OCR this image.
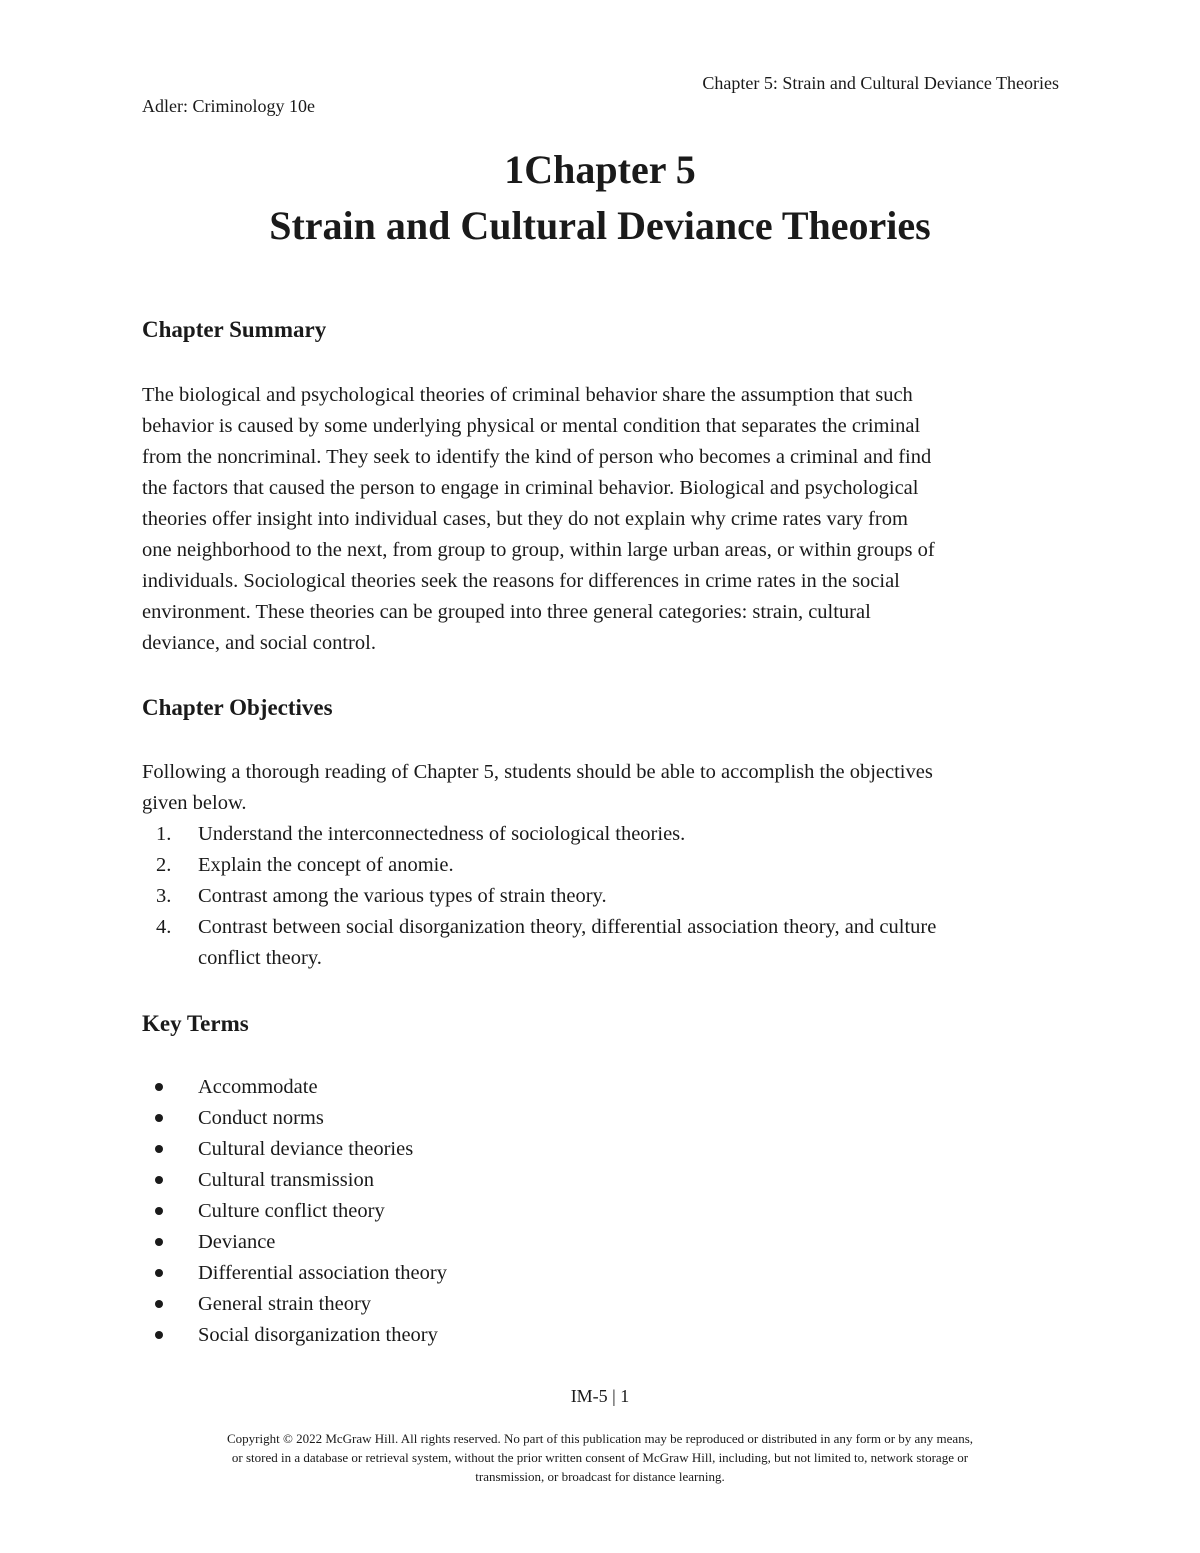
Chapter 5: Strain and Cultural Deviance Theories
Adler: Criminology 10e
1Chapter 5
Strain and Cultural Deviance Theories
Chapter Summary

The biological and psychological theories of criminal behavior share the assumption that such
behavior is caused by some underlying physical or mental condition that separates the criminal
from the noncriminal. They seek to identify the kind of person who becomes a criminal and find
the factors that caused the person to engage in criminal behavior. Biological and psychological
theories offer insight into individual cases, but they do not explain why crime rates vary from
one neighborhood to the next, from group to group, within large urban areas, or within groups of
individuals. Sociological theories seek the reasons for differences in crime rates in the social
environment. These theories can be grouped into three general categories: strain, cultural
deviance, and social control.

Chapter Objectives

Following a thorough reading of Chapter 5, students should be able to accomplish the objectives
given below.

1. Understand the interconnectedness of sociological theories.
2. Explain the concept of anomie.
3. Contrast among the various types of strain theory.
4. Contrast between social disorganization theory, differential association theory, and culture
conflict theory.
Key Terms
Accommodate
Conduct norms
Cultural deviance theories
Cultural transmission
Culture conflict theory
Deviance
Differential association theory
General strain theory
Social disorganization theory
IM-5 | 1
Copyright © 2022 McGraw Hill. All rights reserved. No part of this publication may be reproduced or distributed in any form or by any means,
or stored in a database or retrieval system, without the prior written consent of McGraw Hill, including, but not limited to, network storage or
transmission, or broadcast for distance learning.
